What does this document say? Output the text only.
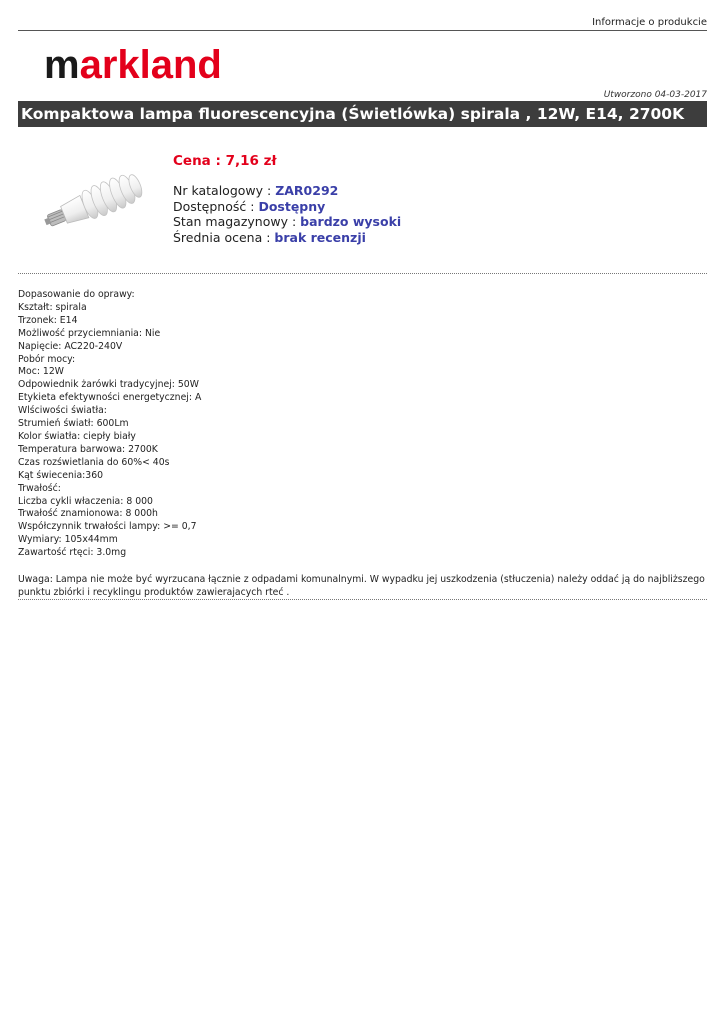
Informacje o produkcie
markland
Utworzono 04-03-2017
Kompaktowa lampa fluorescencyjna (Świetlówka) spirala , 12W, E14, 2700K
Cena : 7,16 zł
Nr katalogowy : ZAR0292
Dostępność : Dostępny
Stan magazynowy : bardzo wysoki
Średnia ocena : brak recenzji
Dopasowanie do oprawy:
Kształt: spirala
Trzonek: E14
Możliwość przyciemniania: Nie
Napięcie: AC220-240V
Pobór mocy:
Moc: 12W
Odpowiednik żarówki tradycyjnej: 50W
Etykieta efektywności energetycznej: A
Wlściwości światła:
Strumień światł: 600Lm
Kolor światła: ciepły biały
Temperatura barwowa: 2700K
Czas rozświetlania do 60%< 40s
Kąt świecenia:360
Trwałość:
Liczba cykli właczenia: 8 000
Trwałość znamionowa: 8 000h
Współczynnik trwałości lampy: >= 0,7
Wymiary: 105x44mm
Zawartość rtęci: 3.0mg
Uwaga: Lampa nie może być wyrzucana łącznie z odpadami komunalnymi. W wypadku jej uszkodzenia (stłuczenia) należy oddać ją do najbliższego punktu zbiórki i recyklingu produktów zawierajacych rteć .
